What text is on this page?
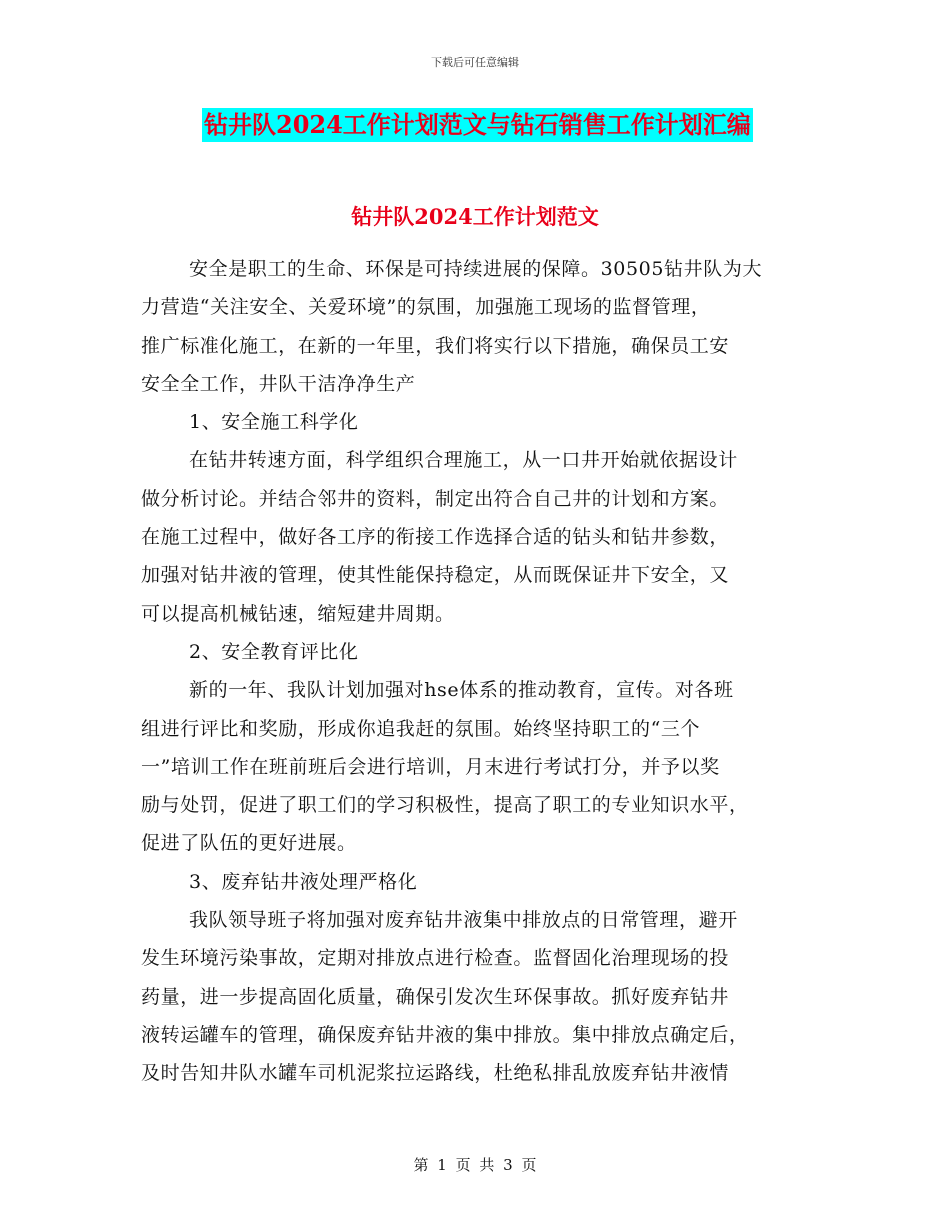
下载后可任意编辑
钻井队2024工作计划范文与钻石销售工作计划汇编
钻井队2024工作计划范文

安全是职工的生命、环保是可持续进展的保障。30505钻井队为大

力营造“关注安全、关爱环境”的氛围，加强施工现场的监督管理，

推广标准化施工，在新的一年里，我们将实行以下措施，确保员工安

安全全工作，井队干洁净净生产

1、安全施工科学化

在钻井转速方面，科学组织合理施工，从一口井开始就依据设计

做分析讨论。并结合邻井的资料，制定出符合自己井的计划和方案。

在施工过程中，做好各工序的衔接工作选择合适的钻头和钻井参数，

加强对钻井液的管理，使其性能保持稳定，从而既保证井下安全，又

可以提高机械钻速，缩短建井周期。

2、安全教育评比化

新的一年、我队计划加强对hse体系的推动教育，宣传。对各班

组进行评比和奖励，形成你追我赶的氛围。始终坚持职工的“三个

一”培训工作在班前班后会进行培训，月末进行考试打分，并予以奖

励与处罚，促进了职工们的学习积极性，提高了职工的专业知识水平，

促进了队伍的更好进展。

3、废弃钻井液处理严格化

我队领导班子将加强对废弃钻井液集中排放点的日常管理，避开

发生环境污染事故，定期对排放点进行检查。监督固化治理现场的投

药量，进一步提高固化质量，确保引发次生环保事故。抓好废弃钻井

液转运罐车的管理，确保废弃钻井液的集中排放。集中排放点确定后，

及时告知井队水罐车司机泥浆拉运路线，杜绝私排乱放废弃钻井液情

第 1 页 共 3 页
